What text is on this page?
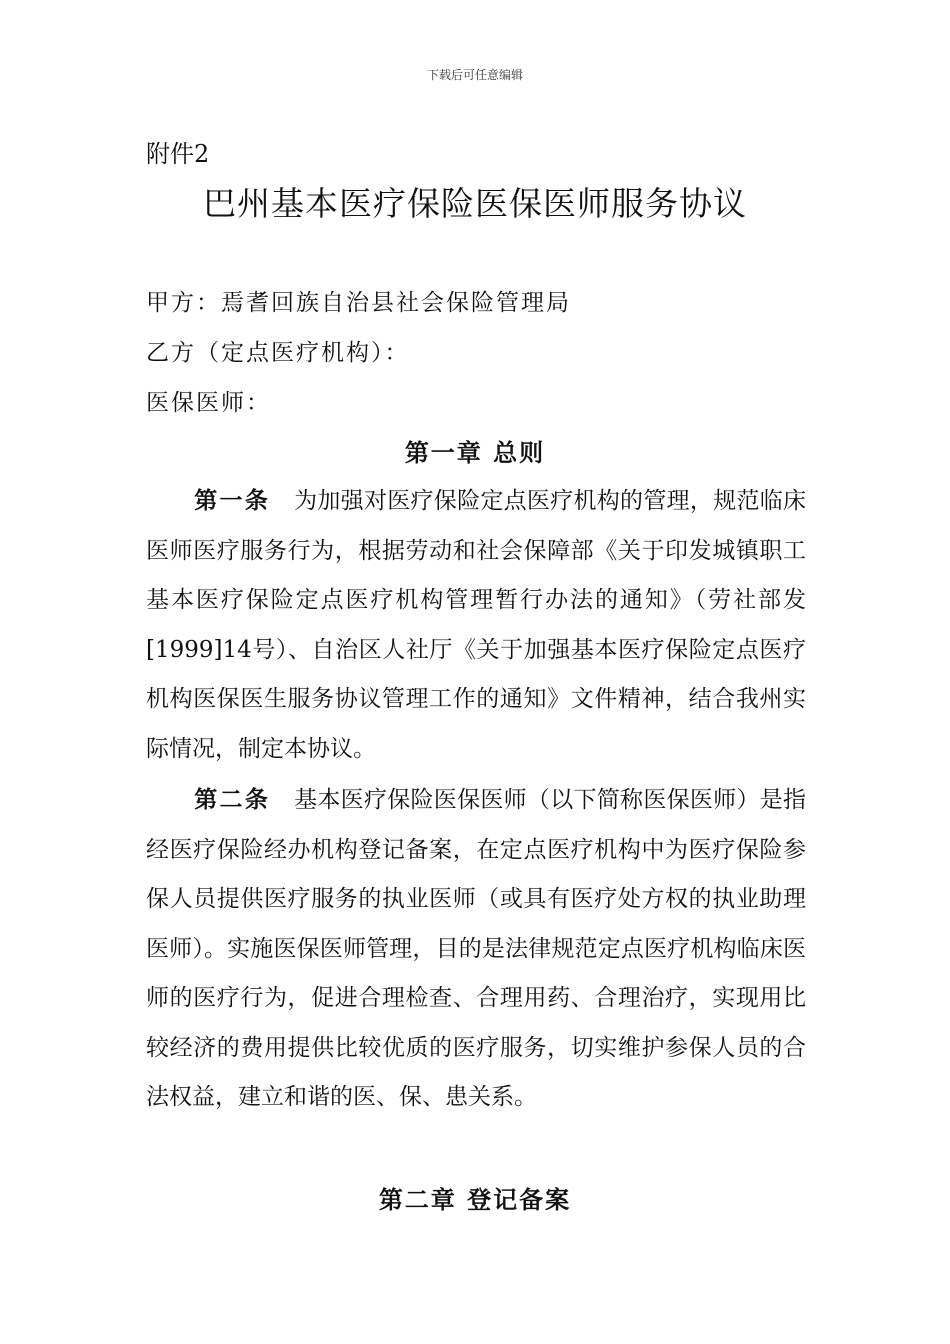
下载后可任意编辑
附件2
巴州基本医疗保险医保医师服务协议
甲方：焉耆回族自治县社会保险管理局
乙方（定点医疗机构）：
医保医师：
第一章 总则
第一条 为加强对医疗保险定点医疗机构的管理，规范临床医师医疗服务行为，根据劳动和社会保障部《关于印发城镇职工基本医疗保险定点医疗机构管理暂行办法的通知》（劳社部发[1999]14号）、自治区人社厅《关于加强基本医疗保险定点医疗机构医保医生服务协议管理工作的通知》文件精神，结合我州实际情况，制定本协议。
第二条 基本医疗保险医保医师（以下简称医保医师）是指经医疗保险经办机构登记备案，在定点医疗机构中为医疗保险参保人员提供医疗服务的执业医师（或具有医疗处方权的执业助理医师）。实施医保医师管理，目的是法律规范定点医疗机构临床医师的医疗行为，促进合理检查、合理用药、合理治疗，实现用比较经济的费用提供比较优质的医疗服务，切实维护参保人员的合法权益，建立和谐的医、保、患关系。
第二章 登记备案
